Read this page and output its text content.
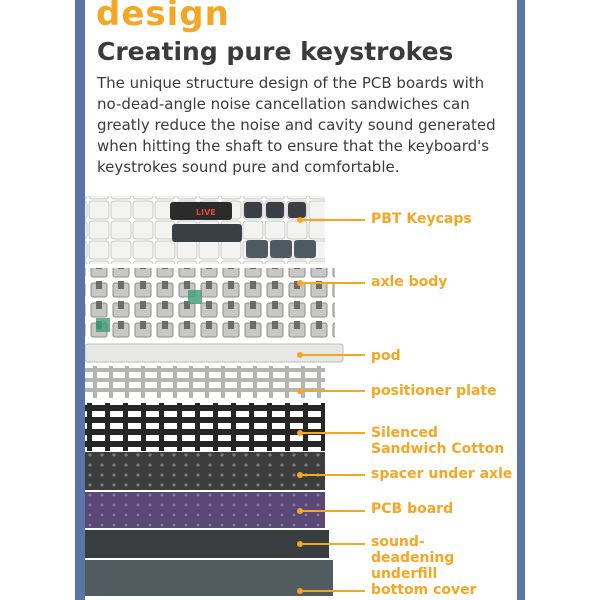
design
Creating pure keystrokes

The unique structure design of the PCB boards with no-dead-angle noise cancellation sandwiches can greatly reduce the noise and cavity sound generated when hitting the shaft to ensure that the keyboard's keystrokes sound pure and comfortable.

LIVE	PBT Keycaps
axle body
pod
positioner plate
Silenced Sandwich Cotton
spacer under axle
PCB board
sound-deadening underfill
bottom cover
